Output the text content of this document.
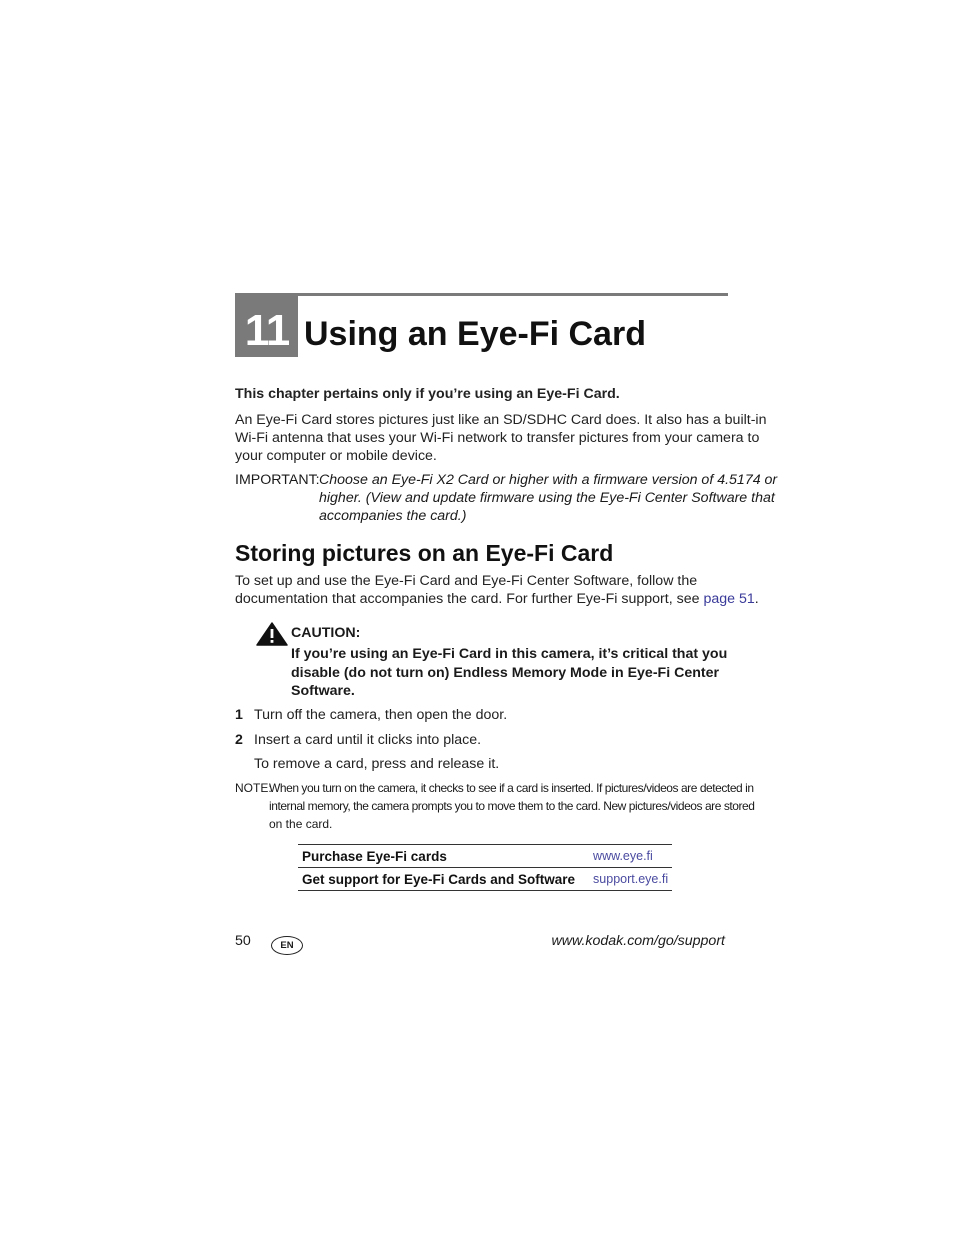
11 Using an Eye-Fi Card
This chapter pertains only if you’re using an Eye-Fi Card.
An Eye-Fi Card stores pictures just like an SD/SDHC Card does. It also has a built-in
Wi-Fi antenna that uses your Wi-Fi network to transfer pictures from your camera to
your computer or mobile device.
IMPORTANT: Choose an Eye-Fi X2 Card or higher with a firmware version of 4.5174 or
higher. (View and update firmware using the Eye-Fi Center Software that
accompanies the card.)
Storing pictures on an Eye-Fi Card
To set up and use the Eye-Fi Card and Eye-Fi Center Software, follow the
documentation that accompanies the card. For further Eye-Fi support, see page 51.
CAUTION:
If you’re using an Eye-Fi Card in this camera, it’s critical that you
disable (do not turn on) Endless Memory Mode in Eye-Fi Center
Software.
1 Turn off the camera, then open the door.
2 Insert a card until it clicks into place.
To remove a card, press and release it.
NOTE:
When you turn on the camera, it checks to see if a card is inserted. If pictures/videos are detected in
internal memory, the camera prompts you to move them to the card. New pictures/videos are stored
on the card.
Purchase Eye-Fi cards	www.eye.fi
Get support for Eye-Fi Cards and Software	support.eye.fi
50	EN	www.kodak.com/go/support
